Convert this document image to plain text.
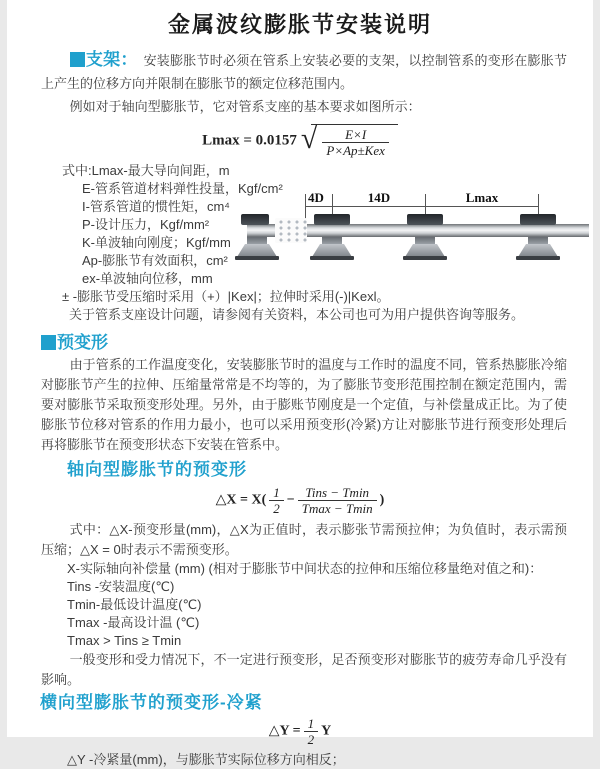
金属波纹膨胀节安装说明

支架： 安装膨胀节时必须在管系上安装必要的支架，以控制管系的变形在膨胀节上产生的位移方向并限制在膨胀节的额定位移范围内。

例如对于轴向型膨胀节，它对管系支座的基本要求如图所示：

Lmax = 0.0157 √ $\frac{E\times I}{\text{P×Ap±Kex}}$
式中:Lmax-最大导向间距，m
E-管系管道材料弹性投量，Kgf/cm²
I-管系管道的惯性矩，cm⁴
P-设计压力，Kgf/mm²
K-单波轴向刚度；Kgf/mm
Ap-膨胀节有效面积，cm²
ex-单波轴向位移，mm
± -膨胀节受压缩时采用（+）|Kex|；拉伸时采用(-)|Kexl。
关于管系支座设计问题，请参阅有关资料，本公司也可为用户提供咨询等服务。
4D	14D	Lmax
预变形

由于管系的工作温度变化，安装膨胀节时的温度与工作时的温度不同，管系热膨胀冷缩对膨胀节产生的拉伸、压缩量常常是不均等的，为了膨胀节变形范围控制在额定范围内，需要对膨胀节采取预变形处理。另外，由于膨账节刚度是一个定值，与补偿量成正比。为了使膨胀节位移对管系的作用力最小，也可以采用预变形(冷紧)方让对膨胀节进行预变形处理后再将膨胀节在预变形状态下安装在管系中。

轴向型膨胀节的预变形
△X = $X( \frac{1}{2} - \frac{\text{Tins − Tmin}}{Tmax - Tmin}$ )

式中：△X-预变形量(mm)，△X为正值时，表示膨张节需预拉伸；为负值时，表示需预压缩；△X = 0时表示不需预变形。

X-实际轴向补偿量 (mm) (相对于膨胀节中间状态的拉伸和压缩位移量绝对值之和)：
Tins -安装温度(℃)
Tmin-最低设计温度(℃)
Tmax -最高设计温 (℃)
Tmax > Tins ≥ Tmin

一般变形和受力情况下，不一定进行预变形，足否预变形对膨胀节的疲劳寿命几乎没有影响。

横向型膨胀节的预变形-冷紧
△Y = $\frac{1}{2}$ Y
△Y -冷紧量(mm)，与膨胀节实际位移方向相反；
